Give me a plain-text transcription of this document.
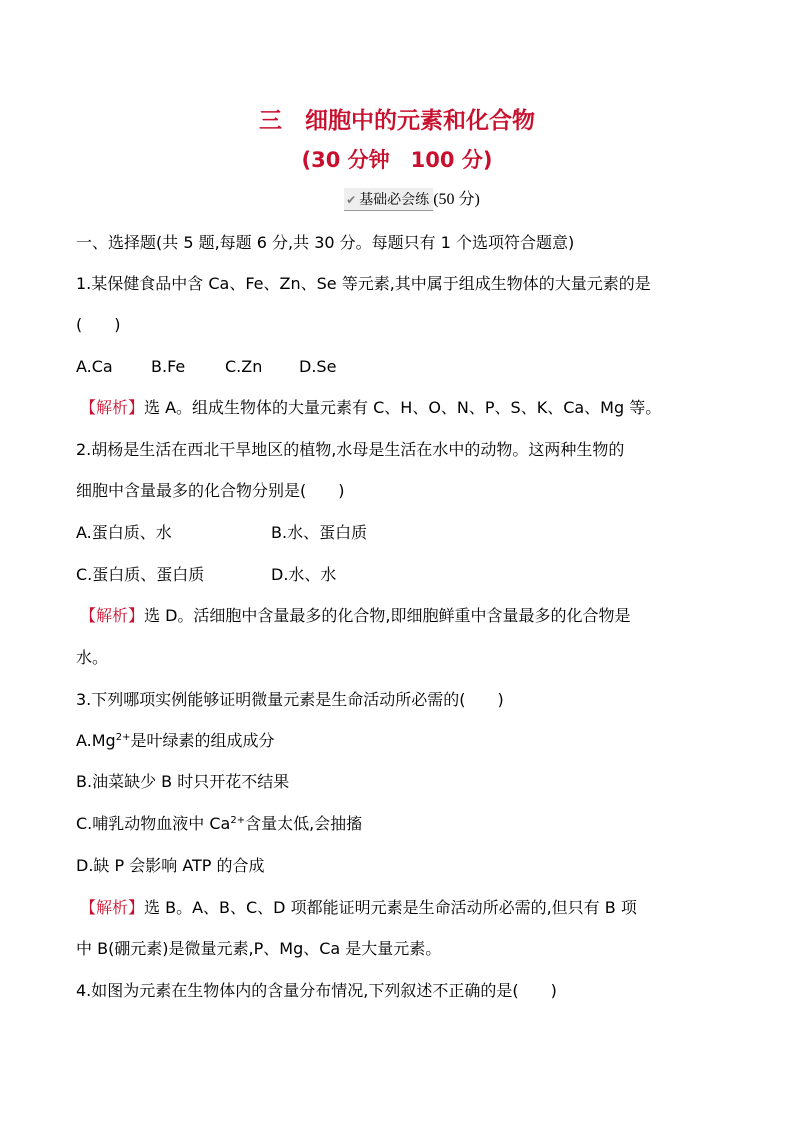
三　细胞中的元素和化合物
(30 分钟　100 分)
✔ 基础必会练 (50 分)
一、选择题(共 5 题,每题 6 分,共 30 分。每题只有 1 个选项符合题意)
1.某保健食品中含 Ca、Fe、Zn、Se 等元素,其中属于组成生物体的大量元素的是
(　　)
A.Ca B.Fe C.Zn D.Se
【解析】选 A。组成生物体的大量元素有 C、H、O、N、P、S、K、Ca、Mg 等。
2.胡杨是生活在西北干旱地区的植物,水母是生活在水中的动物。这两种生物的
细胞中含量最多的化合物分别是(　　)
A.蛋白质、水	B.水、蛋白质
C.蛋白质、蛋白质	D.水、水
【解析】选 D。活细胞中含量最多的化合物,即细胞鲜重中含量最多的化合物是
水。
3.下列哪项实例能够证明微量元素是生命活动所必需的(　　)
$A.Mg^{2+}$是叶绿素的组成成分
B.油菜缺少 B 时只开花不结果
C.哺乳动物血液中 $Ca^{2+}$含量太低,会抽搐
D.缺 P 会影响 ATP 的合成
【解析】选 B。A、B、C、D 项都能证明元素是生命活动所必需的,但只有 B 项
中 B(硼元素)是微量元素,P、Mg、Ca 是大量元素。
4.如图为元素在生物体内的含量分布情况,下列叙述不正确的是(　　)
